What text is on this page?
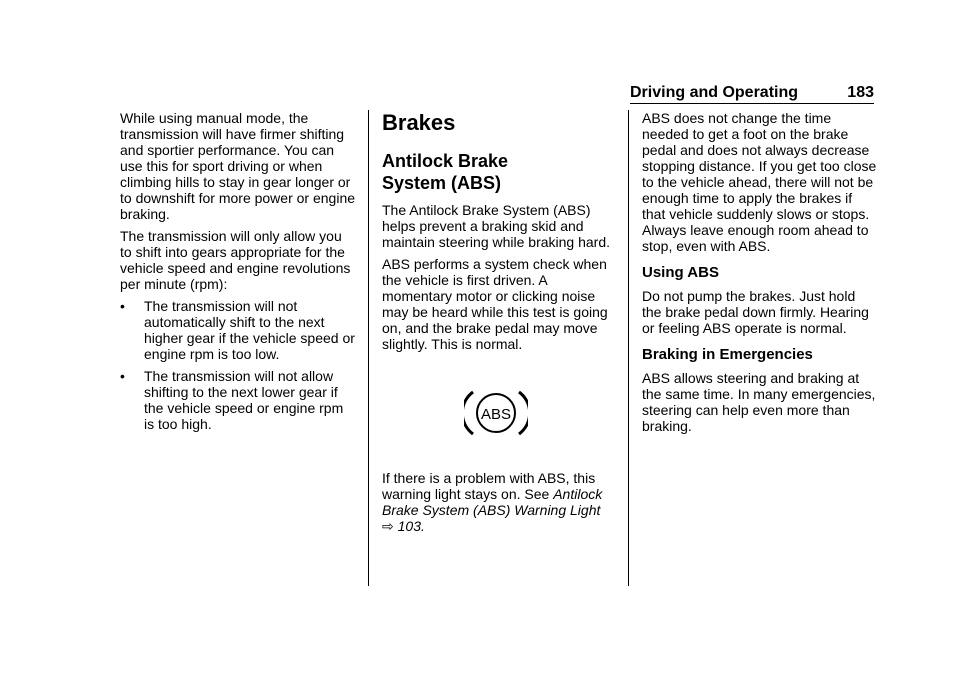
Driving and Operating	183

While using manual mode, the transmission will have firmer shifting and sportier performance. You can use this for sport driving or when climbing hills to stay in gear longer or to downshift for more power or engine braking.

The transmission will only allow you to shift into gears appropriate for the vehicle speed and engine revolutions per minute (rpm):

• The transmission will not automatically shift to the next higher gear if the vehicle speed or engine rpm is too low.
• The transmission will not allow shifting to the next lower gear if the vehicle speed or engine rpm is too high.
Brakes
Antilock Brake
System (ABS)

The Antilock Brake System (ABS) helps prevent a braking skid and maintain steering while braking hard.

ABS performs a system check when the vehicle is first driven. A momentary motor or clicking noise may be heard while this test is going on, and the brake pedal may move slightly. This is normal.

ABS

If there is a problem with ABS, this warning light stays on. See Antilock Brake System (ABS) Warning Light
⇨ 103.

ABS does not change the time needed to get a foot on the brake pedal and does not always decrease stopping distance. If you get too close to the vehicle ahead, there will not be enough time to apply the brakes if that vehicle suddenly slows or stops. Always leave enough room ahead to stop, even with ABS.

Using ABS

Do not pump the brakes. Just hold the brake pedal down firmly. Hearing or feeling ABS operate is normal.

Braking in Emergencies

ABS allows steering and braking at the same time. In many emergencies, steering can help even more than braking.
